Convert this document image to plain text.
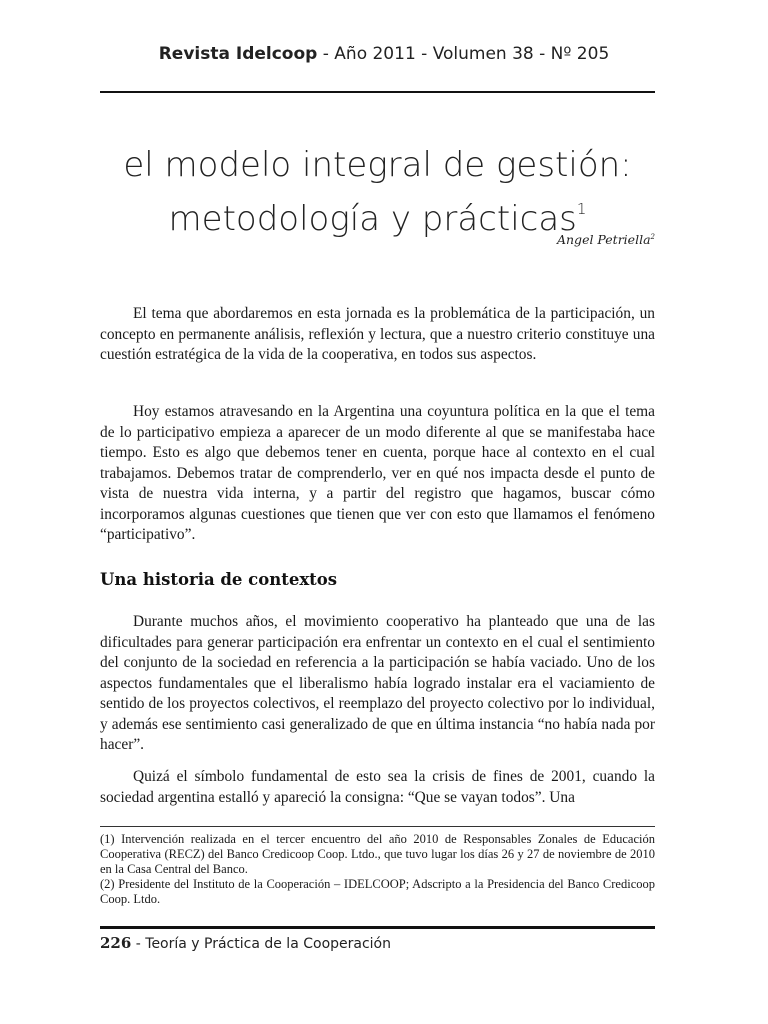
Revista Idelcoop - Año 2011 - Volumen 38 - Nº 205
el modelo integral de gestión:
metodología y prácticas$^1$
Angel Petriella$^2$

El tema que abordaremos en esta jornada es la problemática de la participación, un concepto en permanente análisis, reflexión y lectura, que a nuestro criterio constituye una cuestión estratégica de la vida de la cooperativa, en todos sus aspectos.

Hoy estamos atravesando en la Argentina una coyuntura política en la que el tema de lo participativo empieza a aparecer de un modo diferente al que se manifestaba hace tiempo. Esto es algo que debemos tener en cuenta, porque hace al contexto en el cual trabajamos. Debemos tratar de comprenderlo, ver en qué nos impacta desde el punto de vista de nuestra vida interna, y a partir del registro que hagamos, buscar cómo incorporamos algunas cuestiones que tienen que ver con esto que llamamos el fenómeno “participativo”.

Una historia de contextos

Durante muchos años, el movimiento cooperativo ha planteado que una de las dificultades para generar participación era enfrentar un contexto en el cual el sentimiento del conjunto de la sociedad en referencia a la participación se había vaciado. Uno de los aspectos fundamentales que el liberalismo había logrado instalar era el vaciamiento de sentido de los proyectos colectivos, el reemplazo del proyecto colectivo por lo individual, y además ese sentimiento casi generalizado de que en última instancia “no había nada por hacer”.

Quizá el símbolo fundamental de esto sea la crisis de fines de 2001, cuando la sociedad argentina estalló y apareció la consigna: “Que se vayan todos”. Una

(1) Intervención realizada en el tercer encuentro del año 2010 de Responsables Zonales de Educación Cooperativa (RECZ) del Banco Credicoop Coop. Ltdo., que tuvo lugar los días 26 y 27 de noviembre de 2010 en la Casa Central del Banco.

(2) Presidente del Instituto de la Cooperación – IDELCOOP; Adscripto a la Presidencia del Banco Credicoop Coop. Ltdo.

226 - Teoría y Práctica de la Cooperación
